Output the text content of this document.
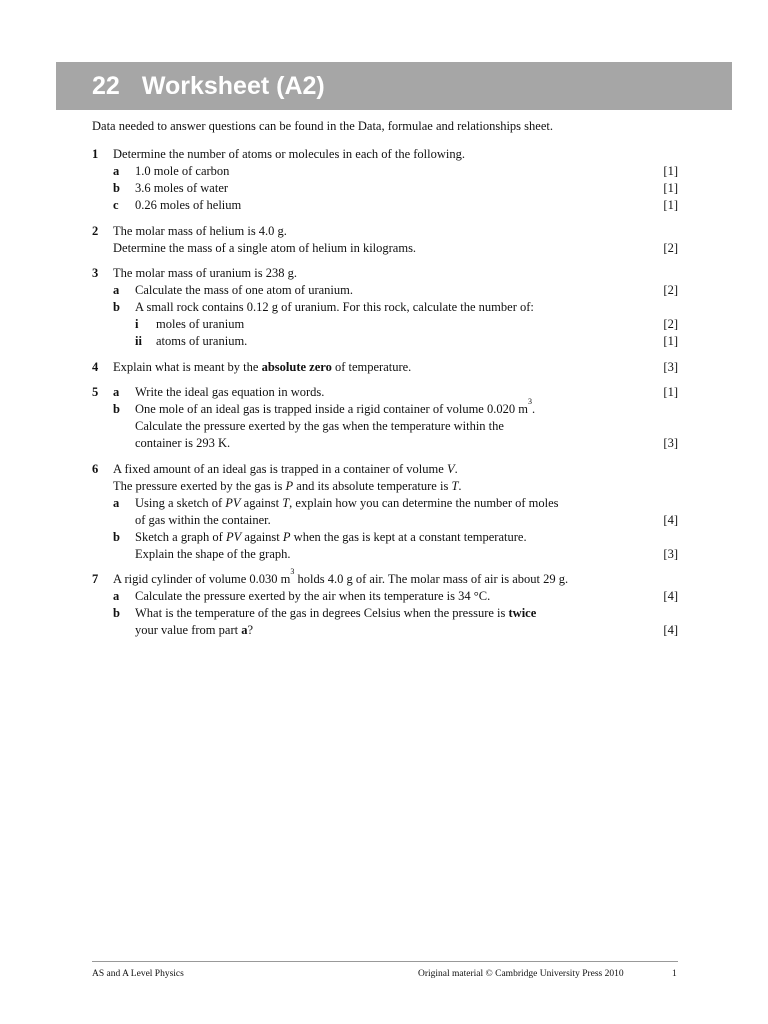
22 Worksheet (A2)
Data needed to answer questions can be found in the Data, formulae and relationships sheet.
1 Determine the number of atoms or molecules in each of the following.
a 1.0 mole of carbon	[1]
b 3.6 moles of water	[1]
c 0.26 moles of helium	[1]
2 The molar mass of helium is 4.0 g.
Determine the mass of a single atom of helium in kilograms.	[2]
3 The molar mass of uranium is 238 g.
a Calculate the mass of one atom of uranium.	[2]
b A small rock contains 0.12 g of uranium. For this rock, calculate the number of:
i moles of uranium	[2]
ii atoms of uranium.	[1]
4 Explain what is meant by the absolute zero of temperature.	[3]
5 a Write the ideal gas equation in words.	[1]
b One mole of an ideal gas is trapped inside a rigid container of volume 0.020 $m^3$.
Calculate the pressure exerted by the gas when the temperature within the
container is 293 K.	[3]
6 A fixed amount of an ideal gas is trapped in a container of volume V.
The pressure exerted by the gas is P and its absolute temperature is T.
a Using a sketch of PV against T, explain how you can determine the number of moles
of gas within the container.	[4]
b Sketch a graph of PV against P when the gas is kept at a constant temperature.
Explain the shape of the graph.	[3]
7 A rigid cylinder of volume 0.030 $m^3$ holds 4.0 g of air. The molar mass of air is about 29 g.
a Calculate the pressure exerted by the air when its temperature is 34 °C.	[4]
b What is the temperature of the gas in degrees Celsius when the pressure is twice
your value from part a?	[4]
AS and A Level Physics	Original material © Cambridge University Press 2010	1
